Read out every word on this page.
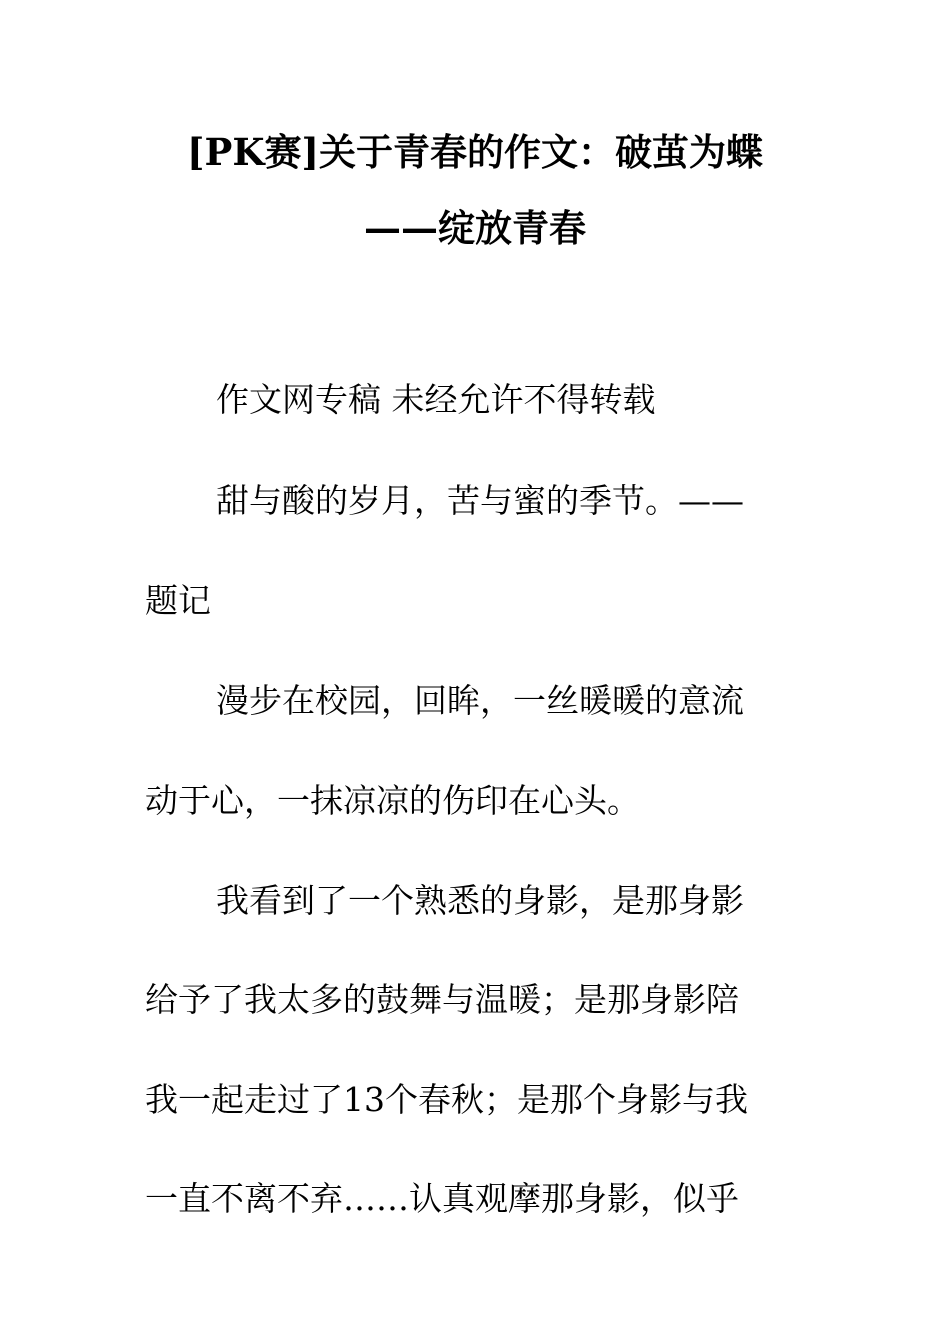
[PK赛]关于青春的作文：破茧为蝶
——绽放青春
作文网专稿 未经允许不得转载
甜与酸的岁月，苦与蜜的季节。——
题记
漫步在校园，回眸，一丝暖暖的意流
动于心，一抹凉凉的伤印在心头。
我看到了一个熟悉的身影，是那身影
给予了我太多的鼓舞与温暖；是那身影陪
我一起走过了13个春秋；是那个身影与我
一直不离不弃……认真观摩那身影，似乎
